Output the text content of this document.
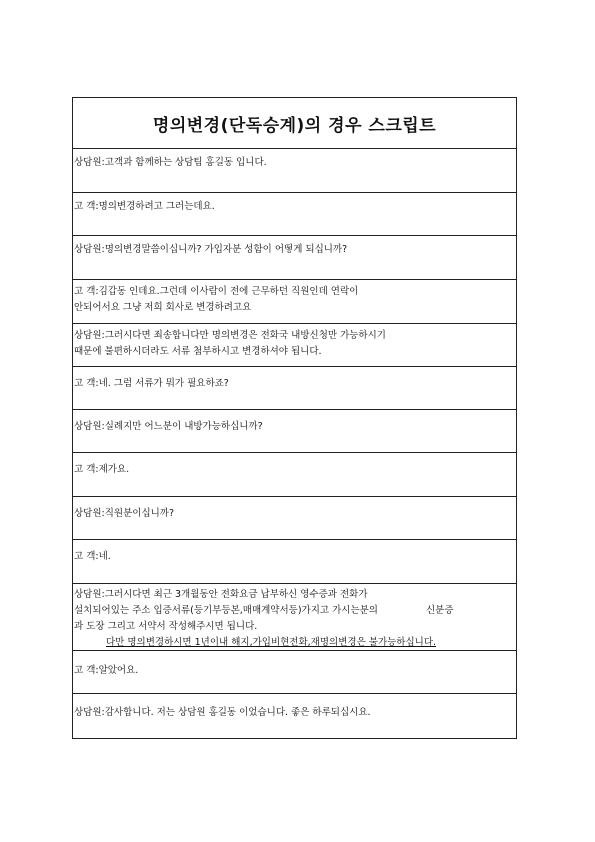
명의변경(단독승계)의 경우 스크립트
상담원:고객과 함께하는 상담팀 홍길동 입니다.
고 객:명의변경하려고 그러는데요.
상담원:명의변경말씀이십니까? 가입자분 성함이 어떻게 되십니까?
고 객:김갑동 인데요.그런데 이사람이 전에 근무하던 직원인데 연락이
안되어서요 그냥 저희 회사로 변경하려고요
상담원:그러시다면 죄송합니다만 명의변경은 전화국 내방신청만 가능하시기
때문에 불편하시더라도 서류 첨부하시고 변경하셔야 됩니다.
고 객:네. 그럼 서류가 뭐가 필요하죠?
상담원:실례지만 어느분이 내방가능하십니까?
고 객:제가요.
상담원:직원분이십니까?
고 객:네.
상담원:그러시다면 최근 3개월동안 전화요금 납부하신 영수증과 전화가
설치되어있는 주소 입증서류(등기부등본,매매계약서등)가지고 가시는분의	신분증
과 도장 그리고 서약서 작성해주시면 됩니다.
다만 명의변경하시면 1년이내 해지,가입비현전화,재명의변경은 불가능하십니다.
고 객:알았어요.
상담원:감사합니다. 저는 상담원 홍길동 이었습니다. 좋은 하루되십시요.
